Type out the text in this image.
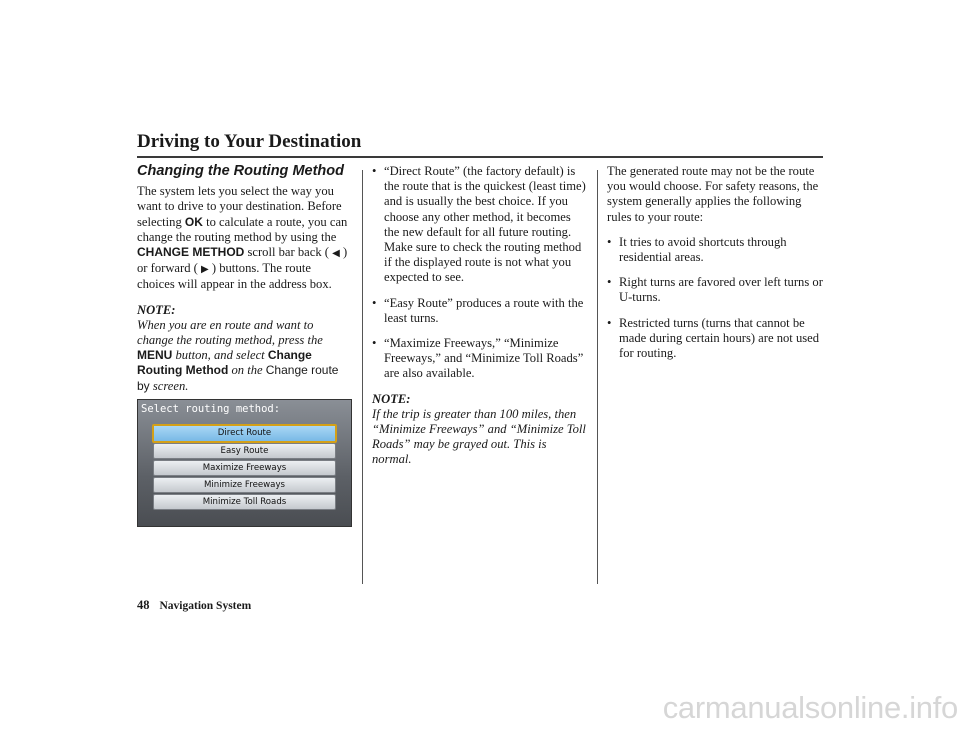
Driving to Your Destination
Changing the Routing Method

The system lets you select the way you want to drive to your destination. Before selecting OK to calculate a route, you can change the routing method by using the CHANGE METHOD scroll bar back ( ◀ ) or forward ( ▶ ) buttons. The route choices will appear in the address box.

NOTE:
When you are en route and want to change the routing method, press the MENU button, and select Change Routing Method on the Change route by screen.

Select routing method:
Direct Route
Easy Route
Maximize Freeways
Minimize Freeways
Minimize Toll Roads
• “Direct Route” (the factory default) is the route that is the quickest (least time) and is usually the best choice. If you choose any other method, it becomes the new default for all future routing. Make sure to check the routing method if the displayed route is not what you expected to see.
• “Easy Route” produces a route with the least turns.
• “Maximize Freeways,” “Minimize Freeways,” and “Minimize Toll Roads” are also available.

NOTE:
If the trip is greater than 100 miles, then “Minimize Freeways” and “Minimize Toll Roads” may be grayed out. This is normal.

The generated route may not be the route you would choose. For safety reasons, the system generally applies the following rules to your route:

• It tries to avoid shortcuts through residential areas.
• Right turns are favored over left turns or U-turns.
• Restricted turns (turns that cannot be made during certain hours) are not used for routing.
48 Navigation System
carmanualsonline.info
